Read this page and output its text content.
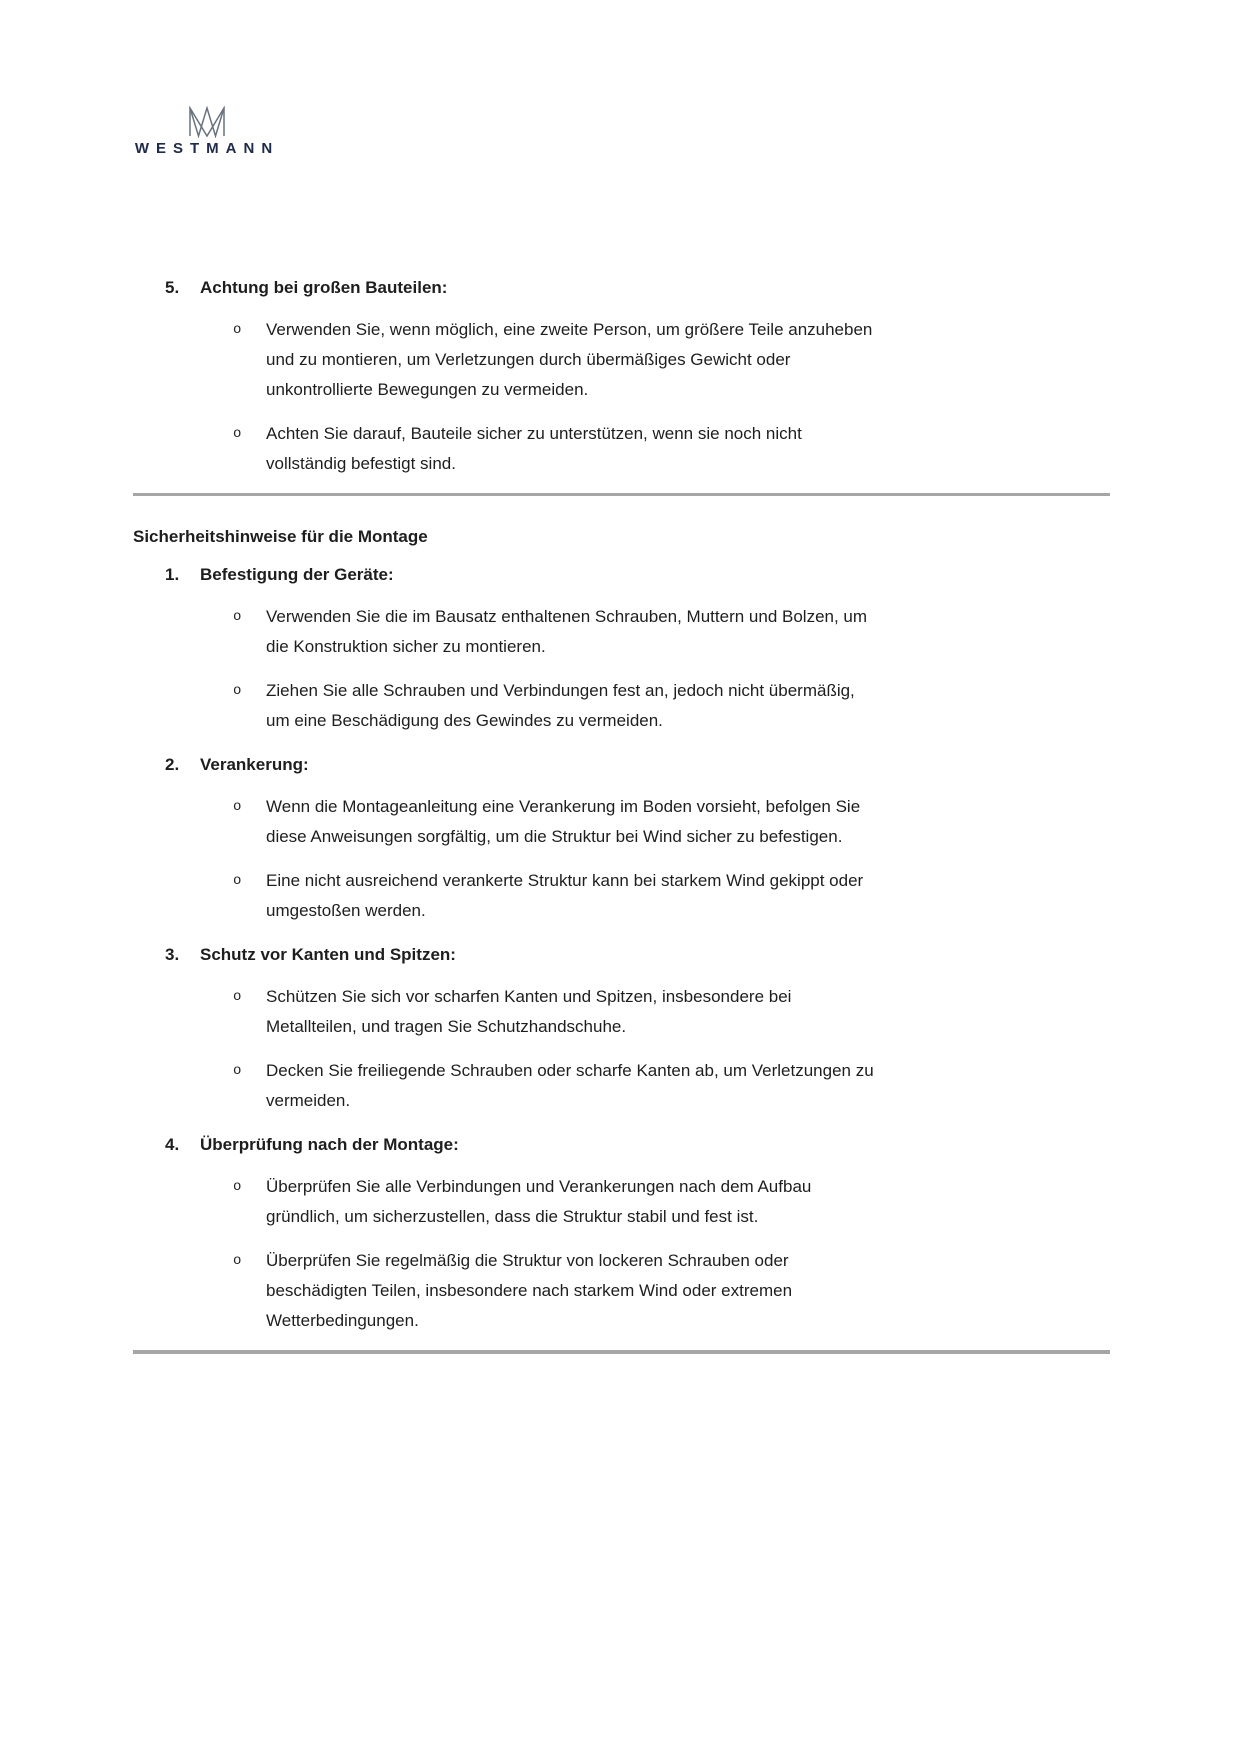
WESTMANN
5.	Achtung bei großen Bauteilen:
o	Verwenden Sie, wenn möglich, eine zweite Person, um größere Teile anzuheben
und zu montieren, um Verletzungen durch übermäßiges Gewicht oder
unkontrollierte Bewegungen zu vermeiden.
o	Achten Sie darauf, Bauteile sicher zu unterstützen, wenn sie noch nicht
vollständig befestigt sind.
Sicherheitshinweise für die Montage
1.	Befestigung der Geräte:
o	Verwenden Sie die im Bausatz enthaltenen Schrauben, Muttern und Bolzen, um
die Konstruktion sicher zu montieren.
o	Ziehen Sie alle Schrauben und Verbindungen fest an, jedoch nicht übermäßig,
um eine Beschädigung des Gewindes zu vermeiden.
2.	Verankerung:
o	Wenn die Montageanleitung eine Verankerung im Boden vorsieht, befolgen Sie
diese Anweisungen sorgfältig, um die Struktur bei Wind sicher zu befestigen.
o	Eine nicht ausreichend verankerte Struktur kann bei starkem Wind gekippt oder
umgestoßen werden.
3.	Schutz vor Kanten und Spitzen:
o	Schützen Sie sich vor scharfen Kanten und Spitzen, insbesondere bei
Metallteilen, und tragen Sie Schutzhandschuhe.
o	Decken Sie freiliegende Schrauben oder scharfe Kanten ab, um Verletzungen zu
vermeiden.
4.	Überprüfung nach der Montage:
o	Überprüfen Sie alle Verbindungen und Verankerungen nach dem Aufbau
gründlich, um sicherzustellen, dass die Struktur stabil und fest ist.
o	Überprüfen Sie regelmäßig die Struktur von lockeren Schrauben oder
beschädigten Teilen, insbesondere nach starkem Wind oder extremen
Wetterbedingungen.
